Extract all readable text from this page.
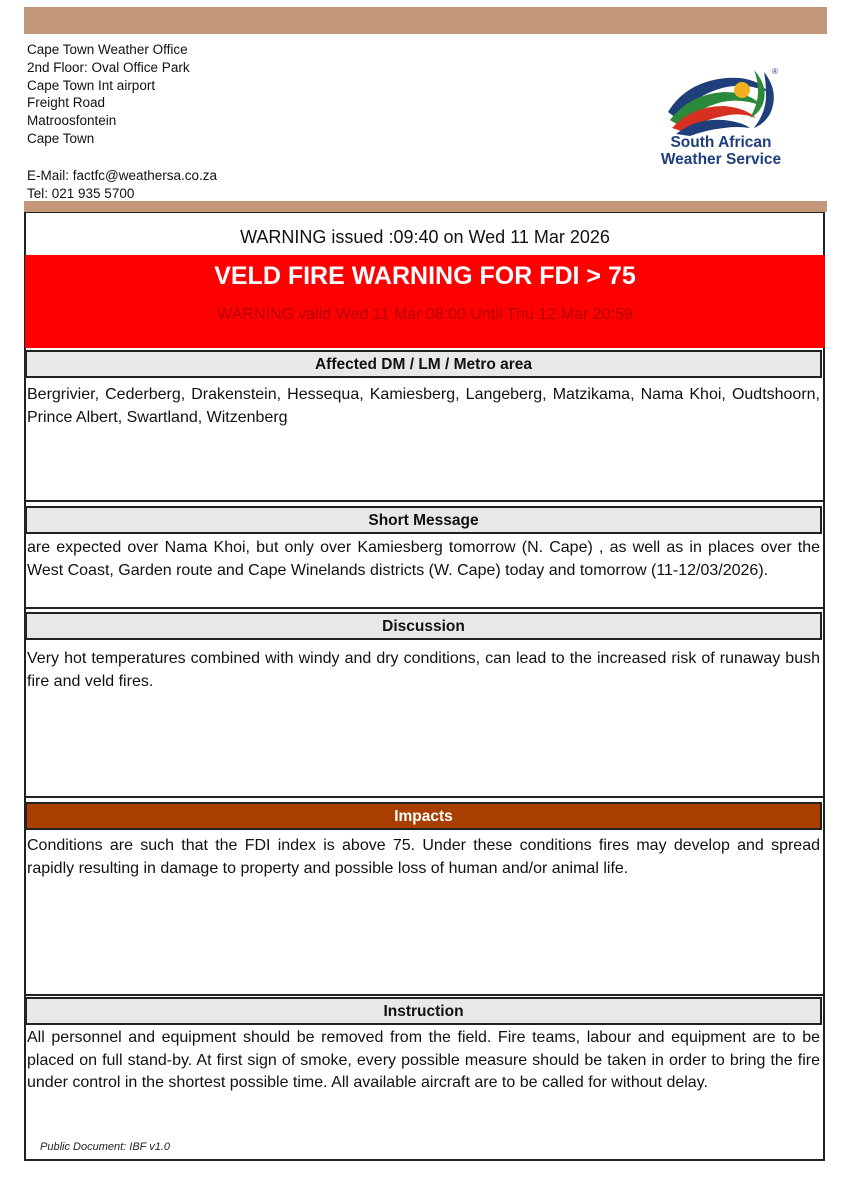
Cape Town Weather Office
2nd Floor: Oval Office Park
Cape Town Int airport
Freight Road
Matroosfontein
Cape Town
E-Mail: factfc@weathersa.co.za
Tel: 021 935 5700
®
South African
Weather Service
WARNING issued :09:40 on Wed 11 Mar 2026
VELD FIRE WARNING FOR FDI > 75
WARNING valid Wed 11 Mar 08:00 Until Thu 12 Mar 20:59
Affected DM / LM / Metro area
Bergrivier, Cederberg, Drakenstein, Hessequa, Kamiesberg, Langeberg, Matzikama, Nama Khoi, Oudtshoorn, Prince Albert, Swartland, Witzenberg
Short Message
are expected over Nama Khoi, but only over Kamiesberg tomorrow (N. Cape) , as well as in places over the West Coast, Garden route and Cape Winelands districts (W. Cape) today and tomorrow (11-12/03/2026).
Discussion
Very hot temperatures combined with windy and dry conditions, can lead to the increased risk of runaway bush fire and veld fires.
Impacts
Conditions are such that the FDI index is above 75. Under these conditions fires may develop and spread rapidly resulting in damage to property and possible loss of human and/or animal life.
Instruction
All personnel and equipment should be removed from the field. Fire teams, labour and equipment are to be placed on full stand-by. At first sign of smoke, every possible measure should be taken in order to bring the fire under control in the shortest possible time. All available aircraft are to be called for without delay.
Public Document: IBF v1.0
